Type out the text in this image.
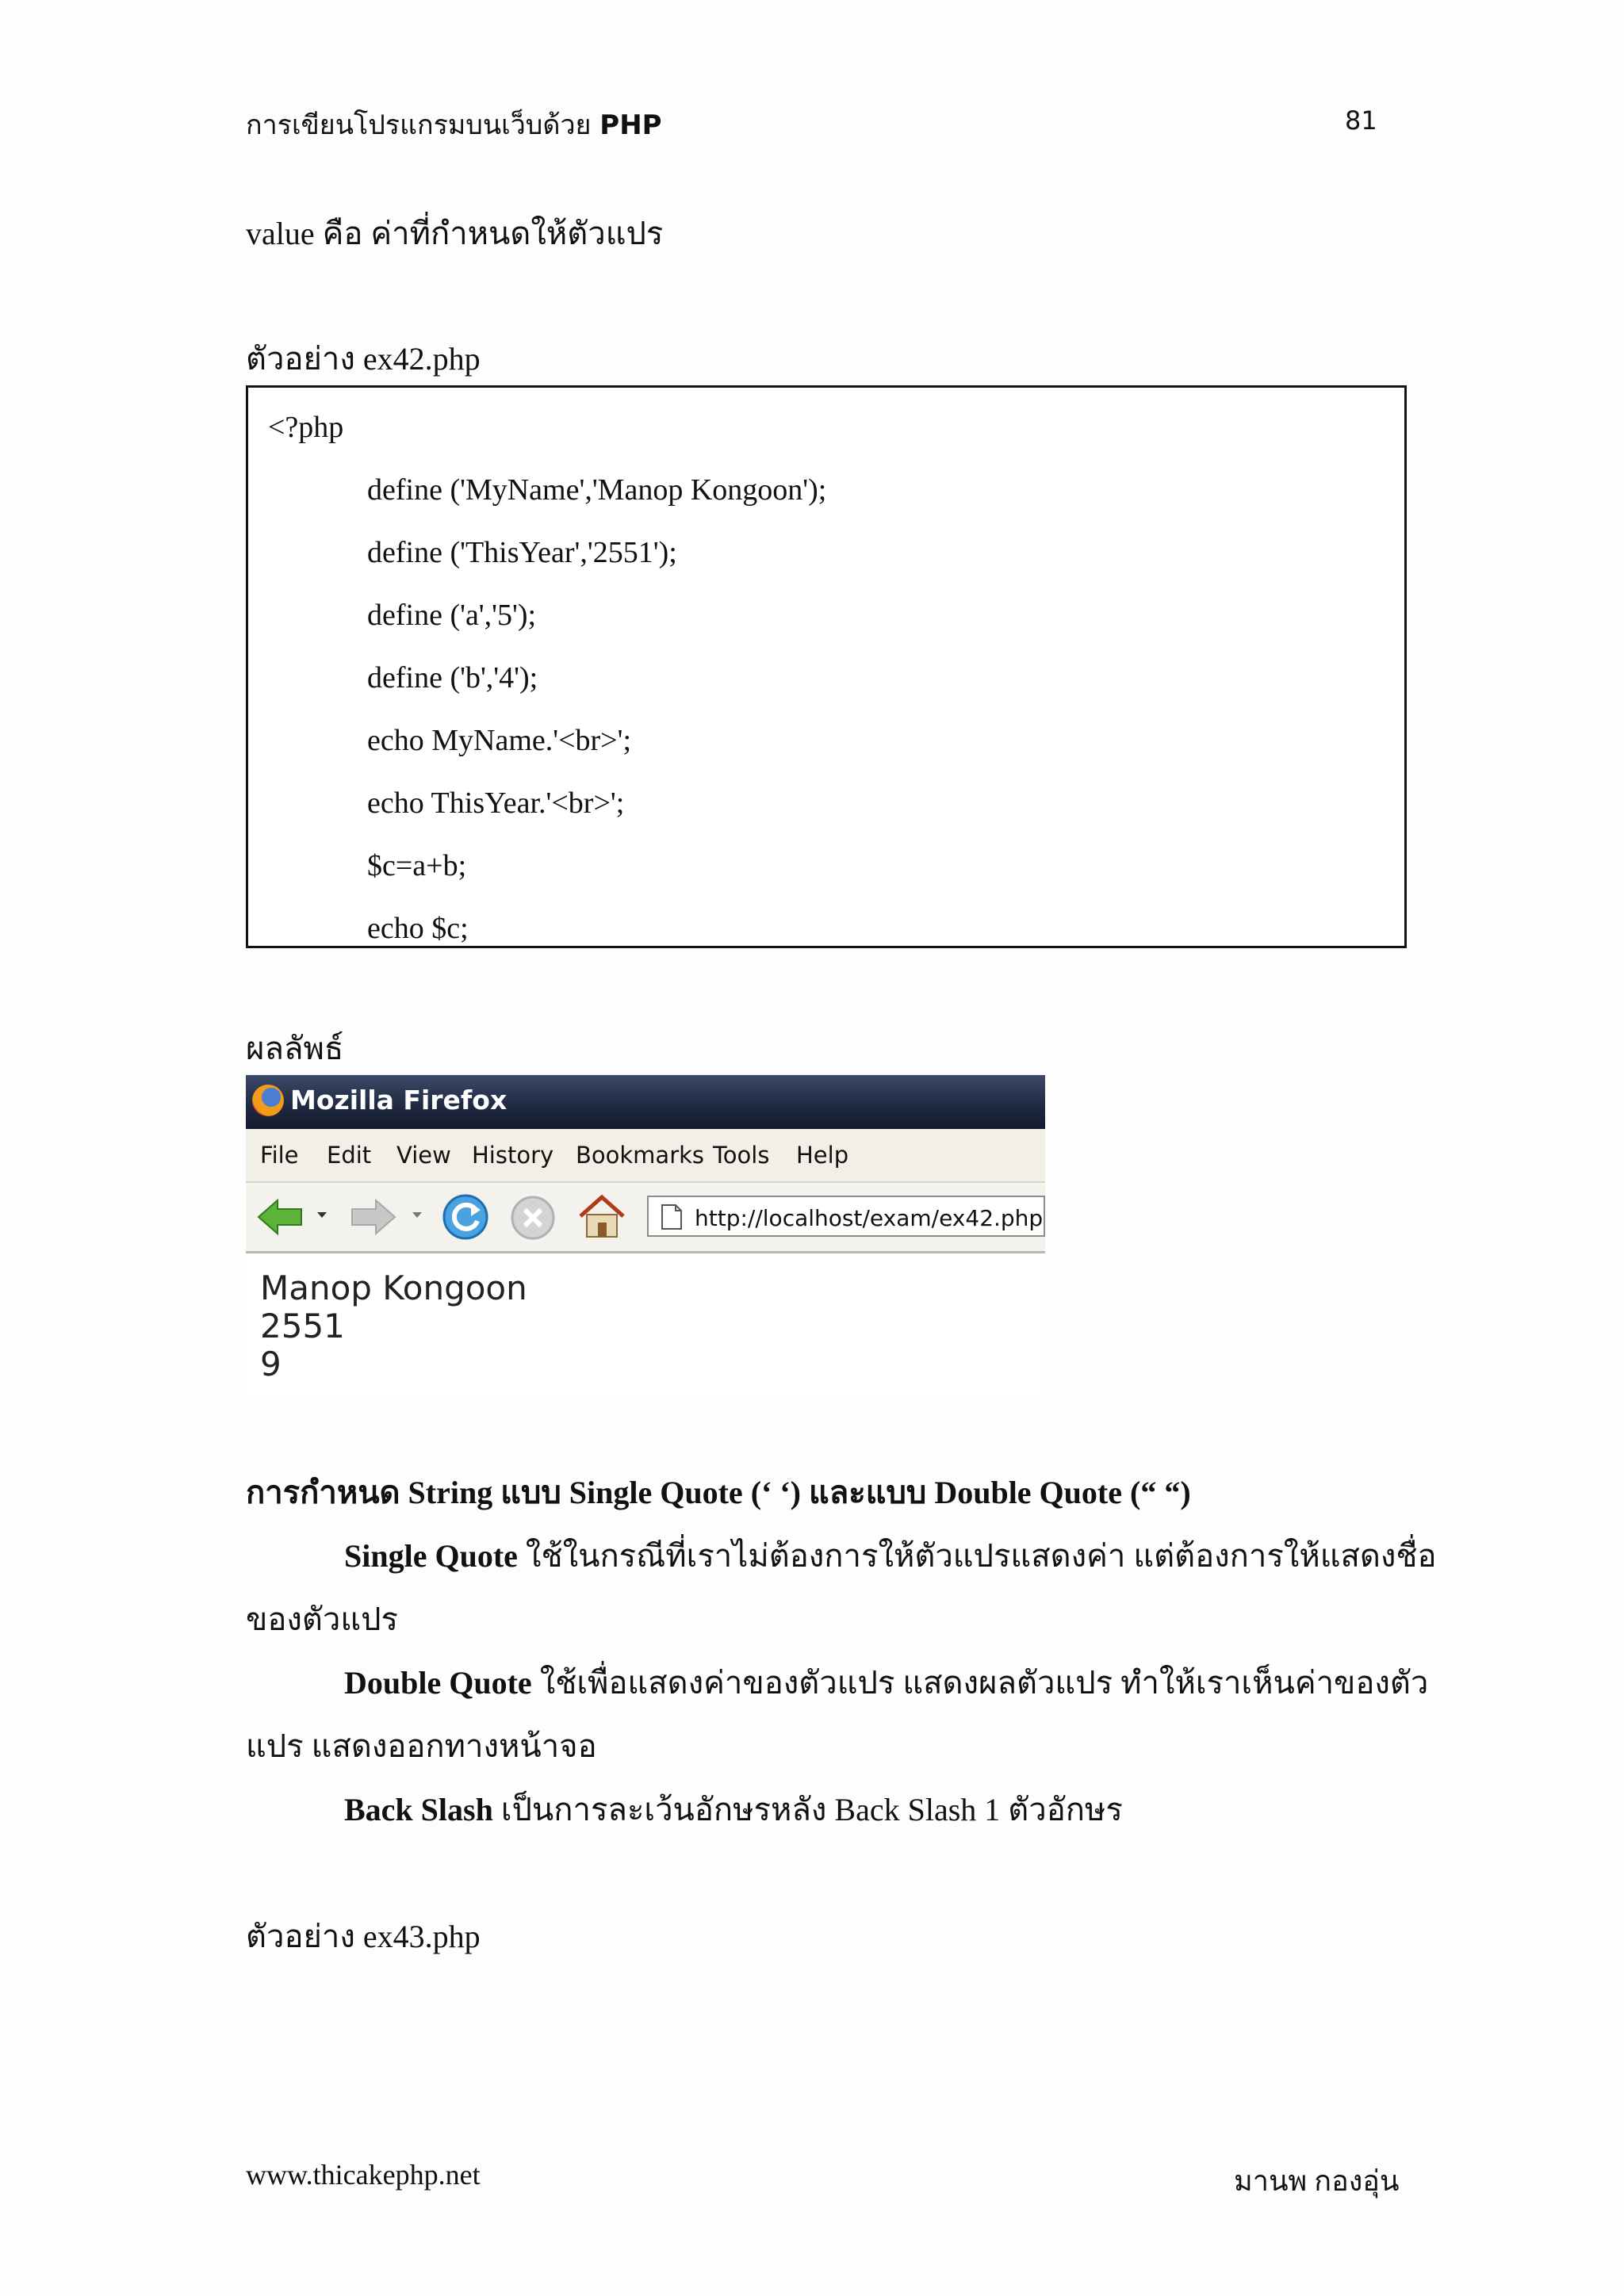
การเขียนโปรแกรมบนเว็บด้วย PHP	81
value คือ ค่าที่กำหนดให้ตัวแปร
ตัวอย่าง ex42.php
<?php
define ('MyName','Manop Kongoon');
define ('ThisYear','2551');
define ('a','5');
define ('b','4');
echo MyName.'<br>';
echo ThisYear.'<br>';
$c=a+b;
echo $c;
ผลลัพธ์
Mozilla Firefox
File Edit View History Bookmarks Tools Help
http://localhost/exam/ex42.php
Manop Kongoon
2551
9
การกำหนด String แบบ Single Quote (‘ ‘) และแบบ Double Quote (“ “)
Single Quote ใช้ในกรณีที่เราไม่ต้องการให้ตัวแปรแสดงค่า แต่ต้องการให้แสดงชื่อ
ของตัวแปร
Double Quote ใช้เพื่อแสดงค่าของตัวแปร แสดงผลตัวแปร ทำให้เราเห็นค่าของตัว
แปร แสดงออกทางหน้าจอ
Back Slash เป็นการละเว้นอักษรหลัง Back Slash 1 ตัวอักษร
ตัวอย่าง ex43.php
www.thicakephp.net	มานพ กองอุ่น
